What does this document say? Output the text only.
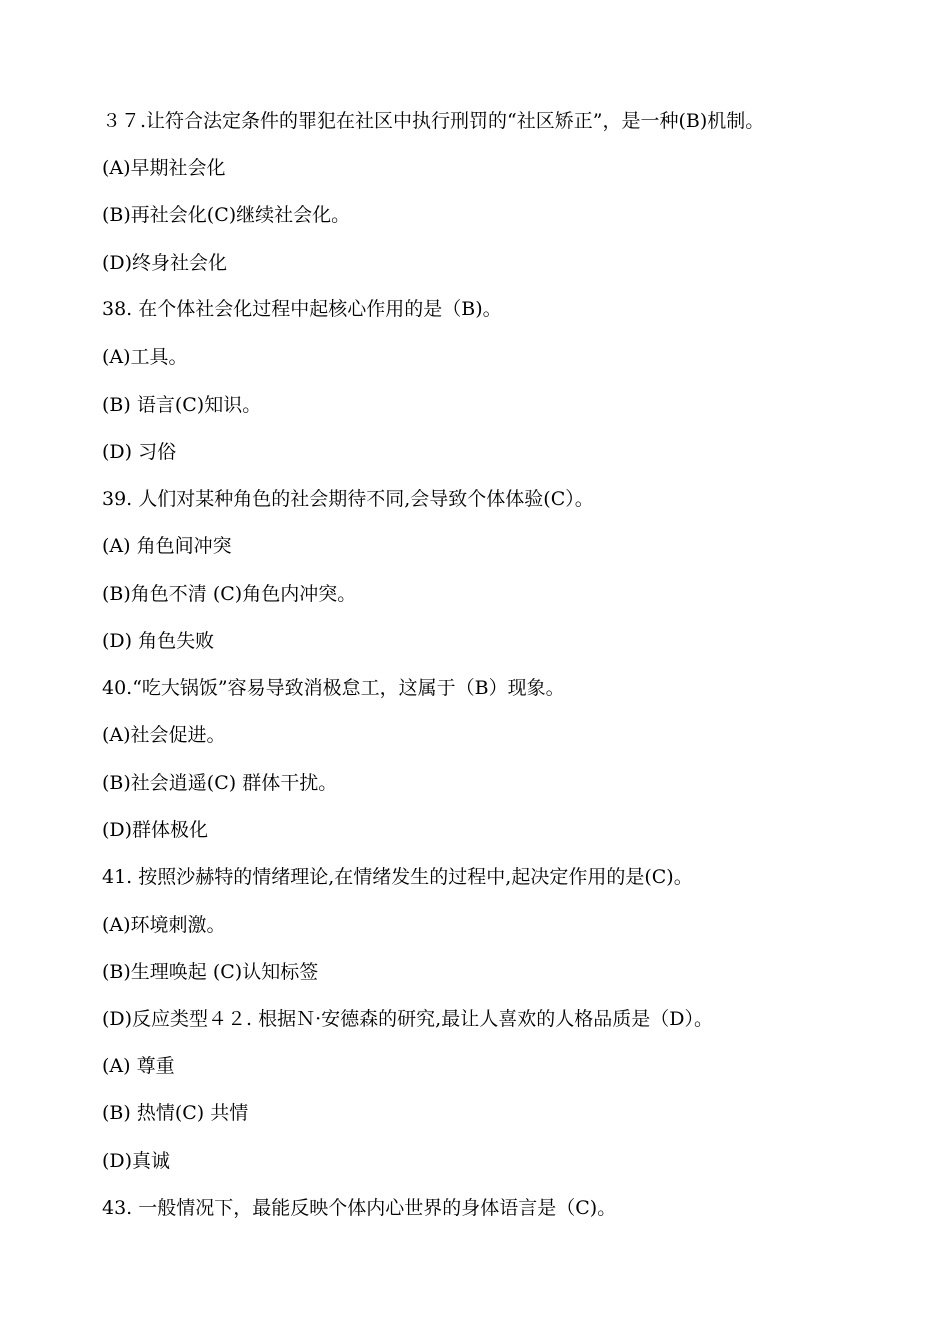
３７.让符合法定条件的罪犯在社区中执行刑罚的“社区矫正”，是一种(B)机制。
(A)早期社会化
(B)再社会化(C)继续社会化。
(D)终身社会化
38. 在个体社会化过程中起核心作用的是（B)。
(A)工具。
(B) 语言(C)知识。
(D) 习俗
39. 人们对某种角色的社会期待不同,会导致个体体验(C）。
(A) 角色间冲突
(B)角色不清 (C)角色内冲突。
(D) 角色失败
40.“吃大锅饭”容易导致消极怠工，这属于（B）现象。
(A)社会促进。
(B)社会逍遥(C) 群体干扰。
(D)群体极化
41. 按照沙赫特的情绪理论,在情绪发生的过程中,起决定作用的是(C)。
(A)环境刺激。
(B)生理唤起 (C)认知标签
(D)反应类型４２. 根据Ｎ·安德森的研究,最让人喜欢的人格品质是（D）。
(A) 尊重
(B) 热情(C) 共情
(D)真诚
43. 一般情况下，最能反映个体内心世界的身体语言是（C)。
